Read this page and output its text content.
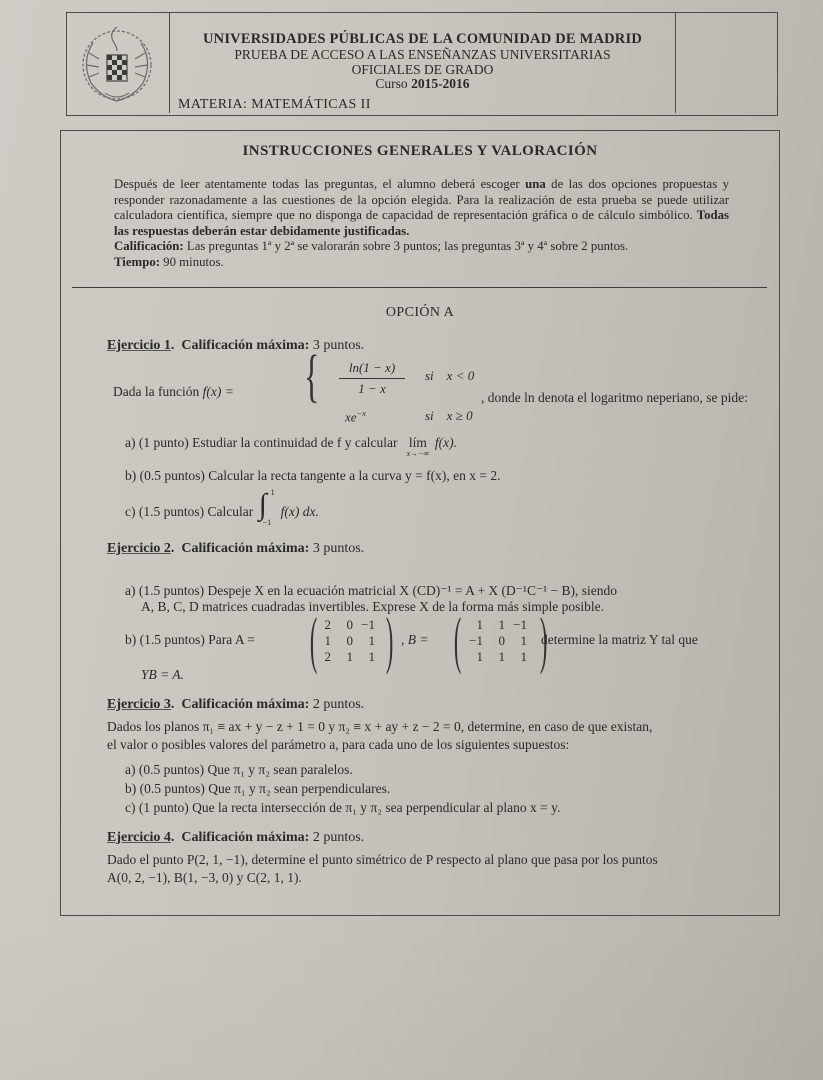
UNIVERSIDADES PÚBLICAS DE LA COMUNIDAD DE MADRID
PRUEBA DE ACCESO A LAS ENSEÑANZAS UNIVERSITARIAS
OFICIALES DE GRADO
Curso 2015-2016
MATERIA: MATEMÁTICAS II
INSTRUCCIONES GENERALES Y VALORACIÓN
Después de leer atentamente todas las preguntas, el alumno deberá escoger una de las dos opciones propuestas y responder razonadamente a las cuestiones de la opción elegida. Para la realización de esta prueba se puede utilizar calculadora científica, siempre que no disponga de capacidad de representación gráfica o de cálculo simbólico. Todas las respuestas deberán estar debidamente justificadas.
Calificación: Las preguntas 1ª y 2ª se valorarán sobre 3 puntos; las preguntas 3ª y 4ª sobre 2 puntos.
Tiempo: 90 minutos.
OPCIÓN A
Ejercicio 1.  Calificación máxima: 3 puntos.
Dada la función f(x) = { $\frac{\ln(1 - x)}{1 - x}$ si    x < 0
$xe^{-x}$	si    x ≥ 0
, donde ln denota el logaritmo neperiano, se pide:
a) (1 punto) Estudiar la continuidad de f y calcular lím
x→−∞
f(x).
b) (0.5 puntos) Calcular la recta tangente a la curva y = f(x), en x = 2.
c) (1.5 puntos) Calcular ∫ 1
−1
f(x) dx.
Ejercicio 2.  Calificación máxima: 3 puntos.
a) (1.5 puntos) Despeje X en la ecuación matricial X (CD)⁻¹ = A + X (D⁻¹C⁻¹ − B), siendo
A, B, C, D matrices cuadradas invertibles. Exprese X de la forma más simple posible.
b) (1.5 puntos) Para A = ( 2	0 −1
1	0	1
2	1	1 ) , B = (	1	1 −1
−1	0	1
1	1	1 )
determine la matriz Y tal que
YB = A.
Ejercicio 3.  Calificación máxima: 2 puntos.
Dados los planos π₁ ≡ ax + y − z + 1 = 0 y π₂ ≡ x + ay + z − 2 = 0, determine, en caso de que existan,
el valor o posibles valores del parámetro a, para cada uno de los siguientes supuestos:
a) (0.5 puntos) Que π₁ y π₂ sean paralelos.
b) (0.5 puntos) Que π₁ y π₂ sean perpendiculares.
c) (1 punto) Que la recta intersección de π₁ y π₂ sea perpendicular al plano x = y.
Ejercicio 4.  Calificación máxima: 2 puntos.
Dado el punto P(2, 1, −1), determine el punto simétrico de P respecto al plano que pasa por los puntos
A(0, 2, −1), B(1, −3, 0) y C(2, 1, 1).
